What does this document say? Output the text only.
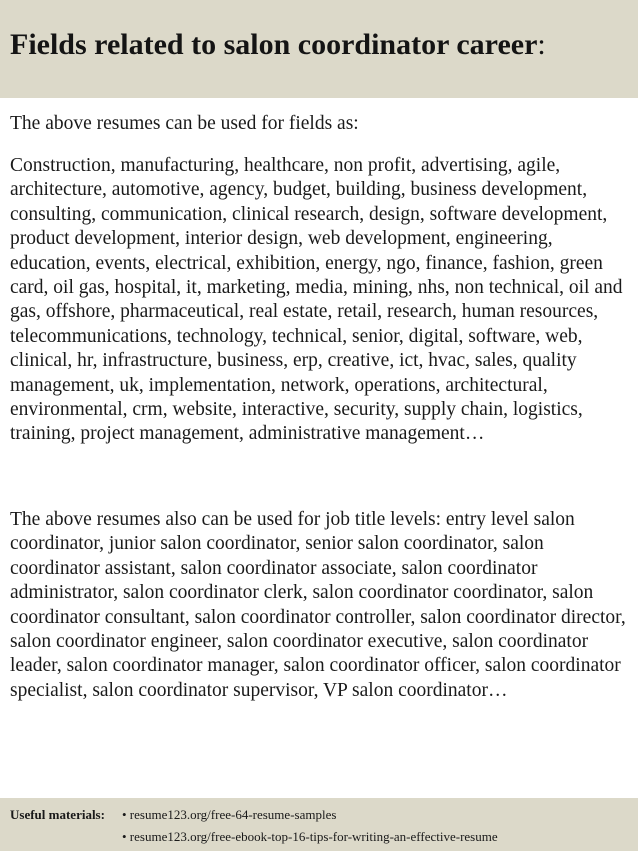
Fields related to salon coordinator career:

The above resumes can be used for fields as:

Construction, manufacturing, healthcare, non profit, advertising, agile, architecture, automotive, agency, budget, building, business development, consulting, communication, clinical research, design, software development, product development, interior design, web development, engineering, education, events, electrical, exhibition, energy, ngo, finance, fashion, green card, oil gas, hospital, it, marketing, media, mining, nhs, non technical, oil and gas, offshore, pharmaceutical, real estate, retail, research, human resources, telecommunications, technology, technical, senior, digital, software, web, clinical, hr, infrastructure, business, erp, creative, ict, hvac, sales, quality management, uk, implementation, network, operations, architectural, environmental, crm, website, interactive, security, supply chain, logistics, training, project management, administrative management…

The above resumes also can be used for job title levels: entry level salon coordinator, junior salon coordinator, senior salon coordinator, salon coordinator assistant, salon coordinator associate, salon coordinator administrator, salon coordinator clerk, salon coordinator coordinator, salon coordinator consultant, salon coordinator controller, salon coordinator director, salon coordinator engineer, salon coordinator executive, salon coordinator leader, salon coordinator manager, salon coordinator officer, salon coordinator specialist, salon coordinator supervisor, VP salon coordinator…

Useful materials: • resume123.org/free-64-resume-samples
• resume123.org/free-ebook-top-16-tips-for-writing-an-effective-resume
